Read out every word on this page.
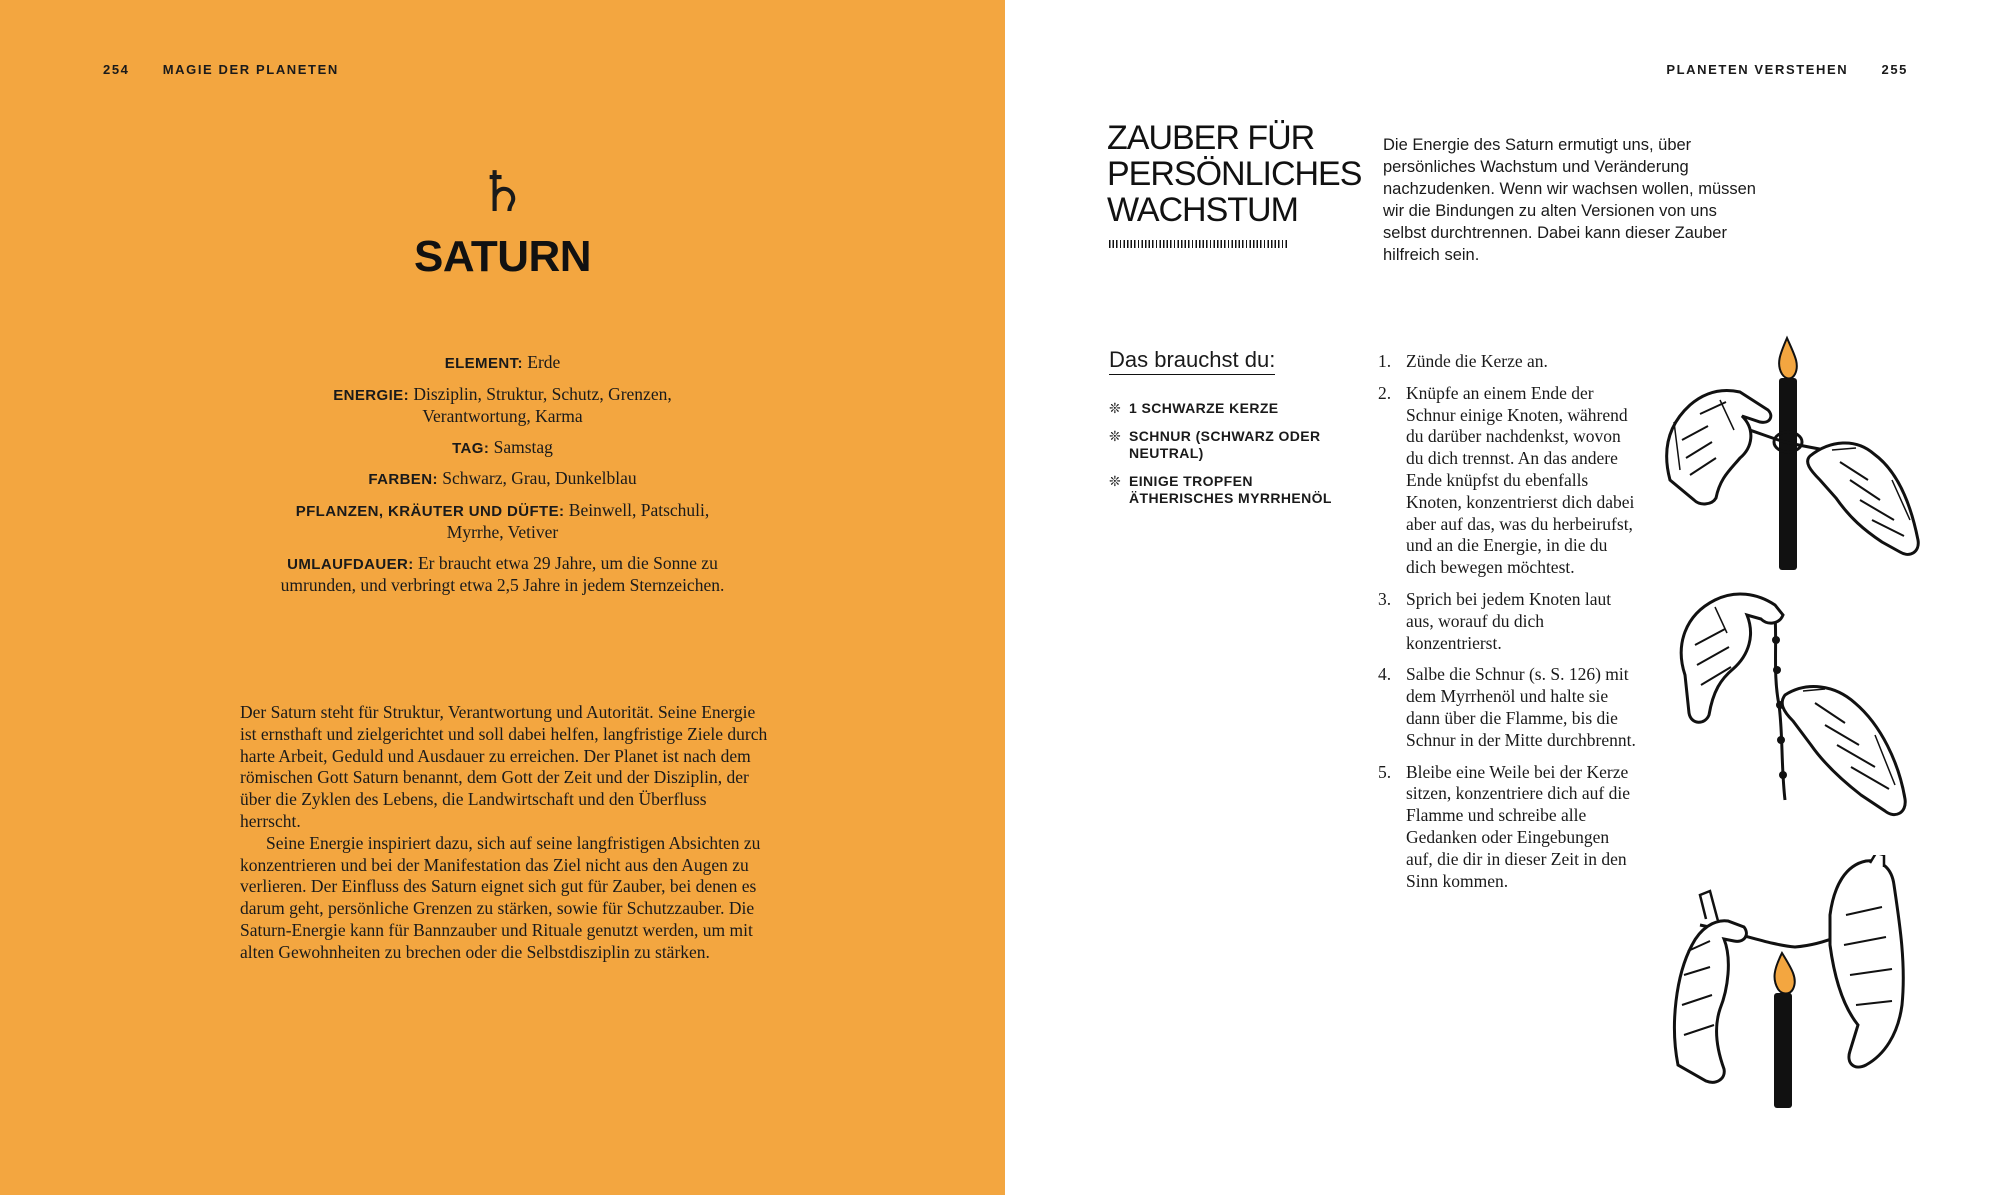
254	MAGIE DER PLANETEN
♄
SATURN
ELEMENT: Erde
ENERGIE: Disziplin, Struktur, Schutz, Grenzen, Verantwortung, Karma
TAG: Samstag
FARBEN: Schwarz, Grau, Dunkelblau
PFLANZEN, KRÄUTER UND DÜFTE: Beinwell, Patschuli, Myrrhe, Vetiver
UMLAUFDAUER: Er braucht etwa 29 Jahre, um die Sonne zu umrunden, und verbringt etwa 2,5 Jahre in jedem Sternzeichen.

Der Saturn steht für Struktur, Verantwortung und Autorität. Seine Energie ist ernsthaft und zielgerichtet und soll dabei helfen, langfristige Ziele durch harte Arbeit, Geduld und Ausdauer zu erreichen. Der Planet ist nach dem römischen Gott Saturn benannt, dem Gott der Zeit und der Disziplin, der über die Zyklen des Lebens, die Landwirtschaft und den Überfluss herrscht.

Seine Energie inspiriert dazu, sich auf seine langfristigen Absichten zu konzentrieren und bei der Manifestation das Ziel nicht aus den Augen zu verlieren. Der Einfluss des Saturn eignet sich gut für Zauber, bei denen es darum geht, persönliche Grenzen zu stärken, sowie für Schutzzauber. Die Saturn-Energie kann für Bannzauber und Rituale genutzt werden, um mit alten Gewohnheiten zu brechen oder die Selbstdisziplin zu stärken.

PLANETEN VERSTEHEN	255
ZAUBER FÜR PERSÖNLICHES WACHSTUM
Die Energie des Saturn ermutigt uns, über persönliches Wachstum und Veränderung nachzudenken. Wenn wir wachsen wollen, müssen wir die Bindungen zu alten Versionen von uns selbst durchtrennen. Dabei kann dieser Zauber hilfreich sein.
Das brauchst du:
❊ 1 SCHWARZE KERZE
❊ SCHNUR (SCHWARZ ODER NEUTRAL)
❊ EINIGE TROPFEN ÄTHERISCHES MYRRHENÖL
1. Zünde die Kerze an.
2. Knüpfe an einem Ende der Schnur einige Knoten, während du darüber nachdenkst, wovon du dich trennst. An das andere Ende knüpfst du ebenfalls Knoten, konzentrierst dich dabei aber auf das, was du herbeirufst, und an die Energie, in die du dich bewegen möchtest.
3. Sprich bei jedem Knoten laut aus, worauf du dich konzentrierst.
4. Salbe die Schnur (s. S. 126) mit dem Myrrhenöl und halte sie dann über die Flamme, bis die Schnur in der Mitte durchbrennt.
5. Bleibe eine Weile bei der Kerze sitzen, konzentriere dich auf die Flamme und schreibe alle Gedanken oder Eingebungen auf, die dir in dieser Zeit in den Sinn kommen.
